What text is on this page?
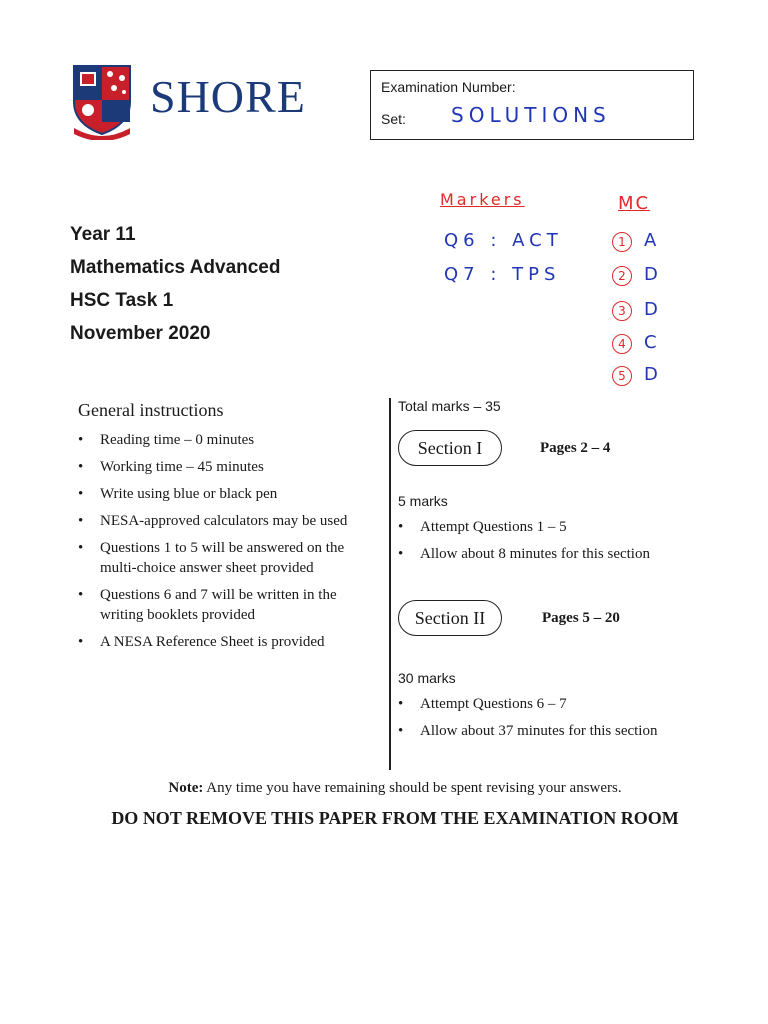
SHORE	Examination Number:
Set: SOLUTIONS
Markers
Q6 : ACT
Q7 : TPS
MC
1	A
2	D
3	D
4	C
5	D
Year 11
Mathematics Advanced
HSC Task 1
November 2020
General instructions
• Reading time – 0 minutes
• Working time – 45 minutes
• Write using blue or black pen
• NESA-approved calculators may be used
• Questions 1 to 5 will be answered on the multi-choice answer sheet provided
• Questions 6 and 7 will be written in the writing booklets provided
• A NESA Reference Sheet is provided
Total marks – 35
Section I	Pages 2 – 4
5 marks
• Attempt Questions 1 – 5
• Allow about 8 minutes for this section
Section II	Pages 5 – 20
30 marks
• Attempt Questions 6 – 7
• Allow about 37 minutes for this section
Note: Any time you have remaining should be spent revising your answers.
DO NOT REMOVE THIS PAPER FROM THE EXAMINATION ROOM
